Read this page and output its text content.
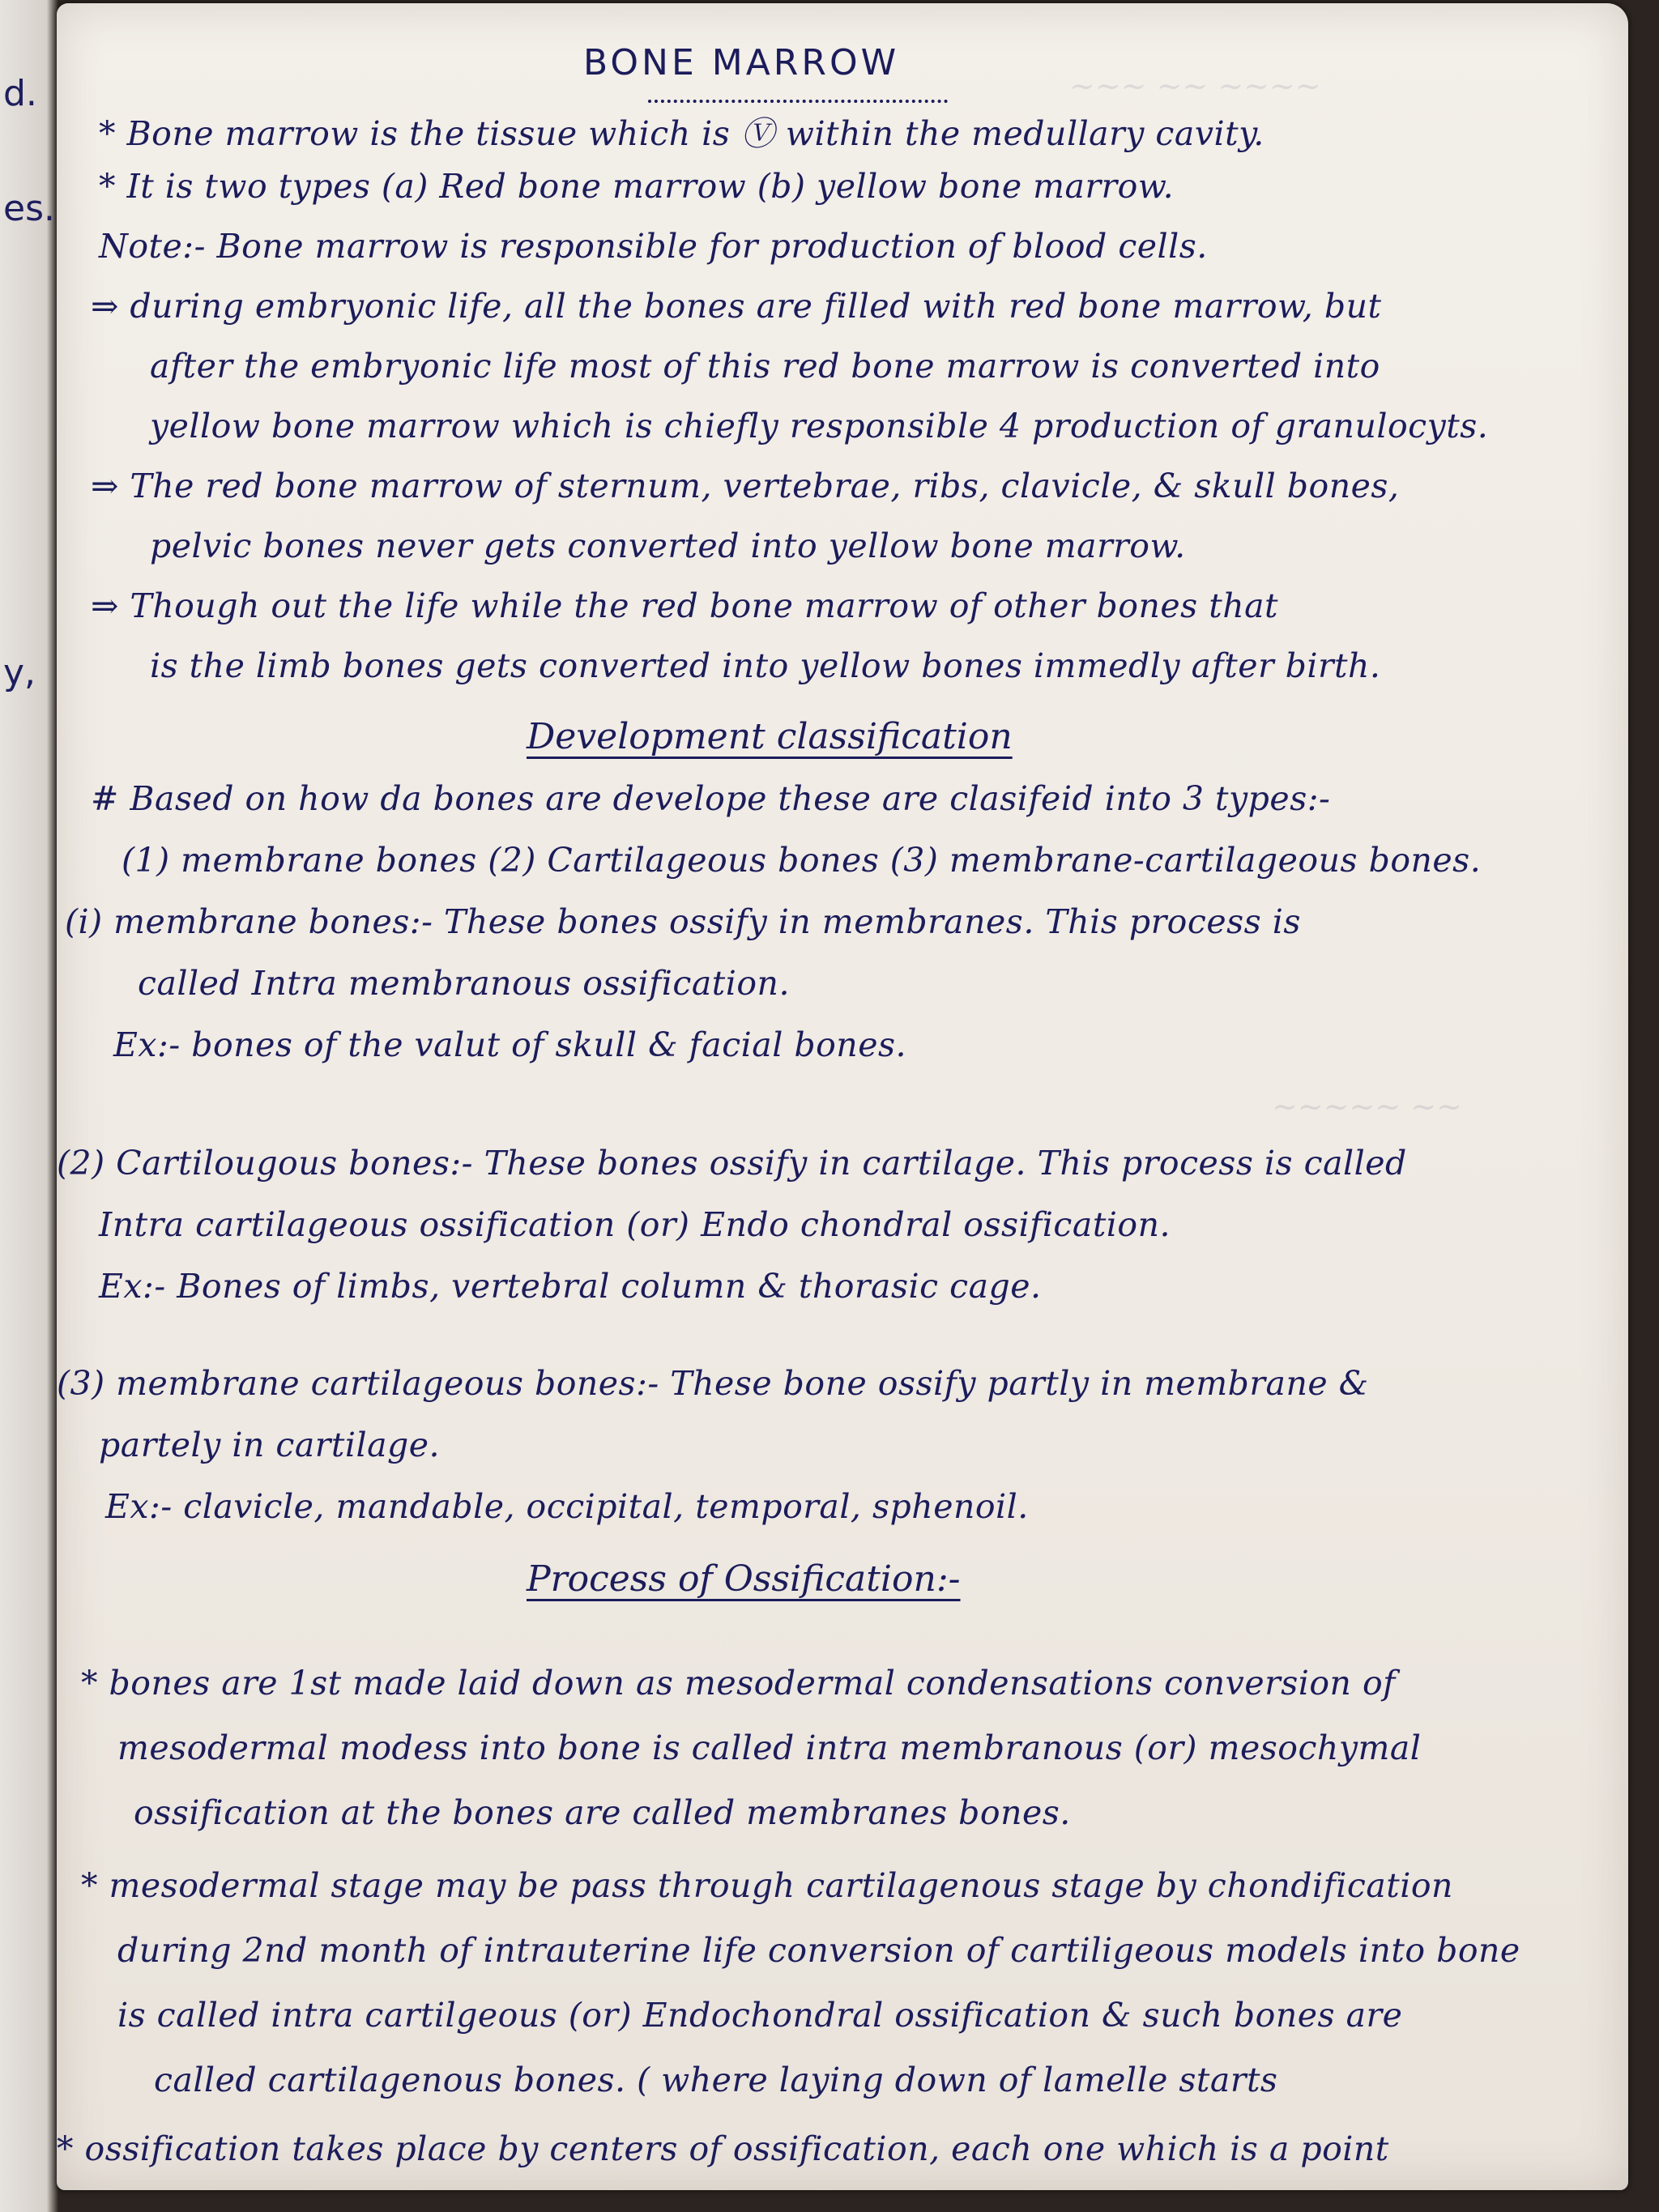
d.
es.
y,
~~~ ~~ ~~~~
~~~~~ ~~
BONE MARROW
* Bone marrow is the tissue which is Ⓥ within the medullary cavity.
* It is two types (a) Red bone marrow (b) yellow bone marrow.
Note:- Bone marrow is responsible for production of blood cells.
⇒ during embryonic life, all the bones are filled with red bone marrow, but
after the embryonic life most of this red bone marrow is converted into
yellow bone marrow which is chiefly responsible 4 production of granulocyts.
⇒ The red bone marrow of sternum, vertebrae, ribs, clavicle, & skull bones,
pelvic bones never gets converted into yellow bone marrow.
⇒ Though out the life while the red bone marrow of other bones that
is the limb bones gets converted into yellow bones immedly after birth.
Development classification
# Based on how da bones are develope these are clasifeid into 3 types:-
(1) membrane bones (2) Cartilageous bones (3) membrane-cartilageous bones.
(i) membrane bones:- These bones ossify in membranes. This process is
called Intra membranous ossification.
Ex:- bones of the valut of skull & facial bones.
(2) Cartilougous bones:- These bones ossify in cartilage. This process is called
Intra cartilageous ossification (or) Endo chondral ossification.
Ex:- Bones of limbs, vertebral column & thorasic cage.
(3) membrane cartilageous bones:- These bone ossify partly in membrane &
partely in cartilage.
Ex:- clavicle, mandable, occipital, temporal, sphenoil.
Process of Ossification:-
* bones are 1st made laid down as mesodermal condensations conversion of
mesodermal modess into bone is called intra membranous (or) mesochymal
ossification at the bones are called membranes bones.
* mesodermal stage may be pass through cartilagenous stage by chondification
during 2nd month of intrauterine life conversion of cartiligeous models into bone
is called intra cartilgeous (or) Endochondral ossification & such bones are
called cartilagenous bones. ( where laying down of lamelle starts
* ossification takes place by centers of ossification, each one which is a point
